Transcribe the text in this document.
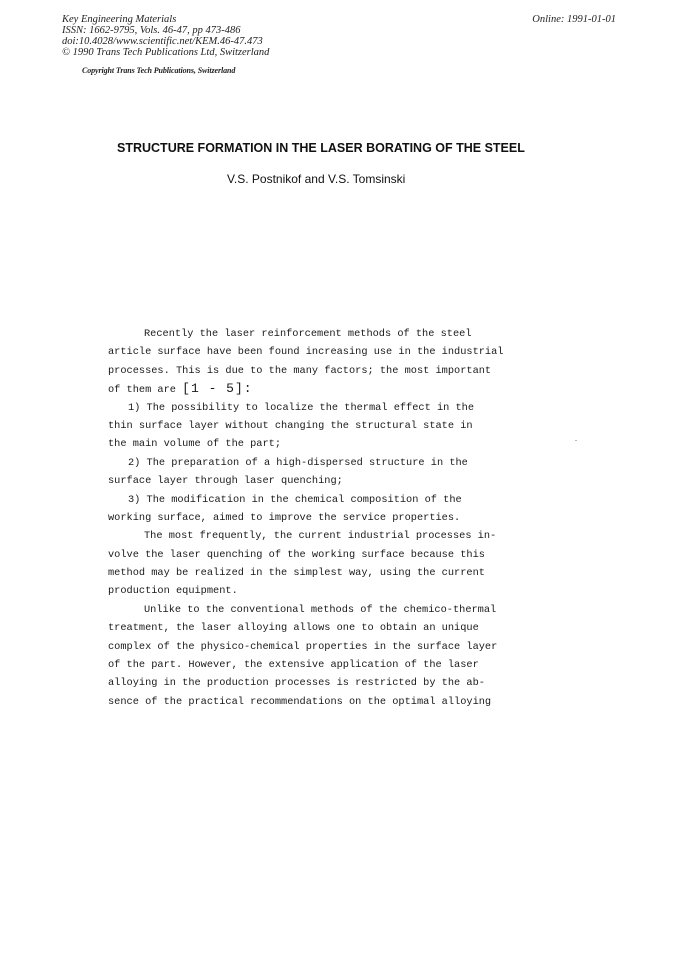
Key Engineering Materials
ISSN: 1662-9795, Vols. 46-47, pp 473-486
doi:10.4028/www.scientific.net/KEM.46-47.473
© 1990 Trans Tech Publications Ltd, Switzerland
Online: 1991-01-01
Copyright Trans Tech Publications, Switzerland
STRUCTURE FORMATION IN THE LASER BORATING OF THE STEEL
V.S. Postnikof and V.S. Tomsinski
Recently the laser reinforcement methods of the steel
article surface have been found increasing use in the industrial
processes. This is due to the many factors; the most important
of them are [1 - 5]:
1) The possibility to localize the thermal effect in the
thin surface layer without changing the structural state in
the main volume of the part;
2) The preparation of a high-dispersed structure in the
surface layer through laser quenching;
3) The modification in the chemical composition of the
working surface, aimed to improve the service properties.
The most frequently, the current industrial processes in-
volve the laser quenching of the working surface because this
method may be realized in the simplest way, using the current
production equipment.
Unlike to the conventional methods of the chemico-thermal
treatment, the laser alloying allows one to obtain an unique
complex of the physico-chemical properties in the surface layer
of the part. However, the extensive application of the laser
alloying in the production processes is restricted by the ab-
sence of the practical recommendations on the optimal alloying
